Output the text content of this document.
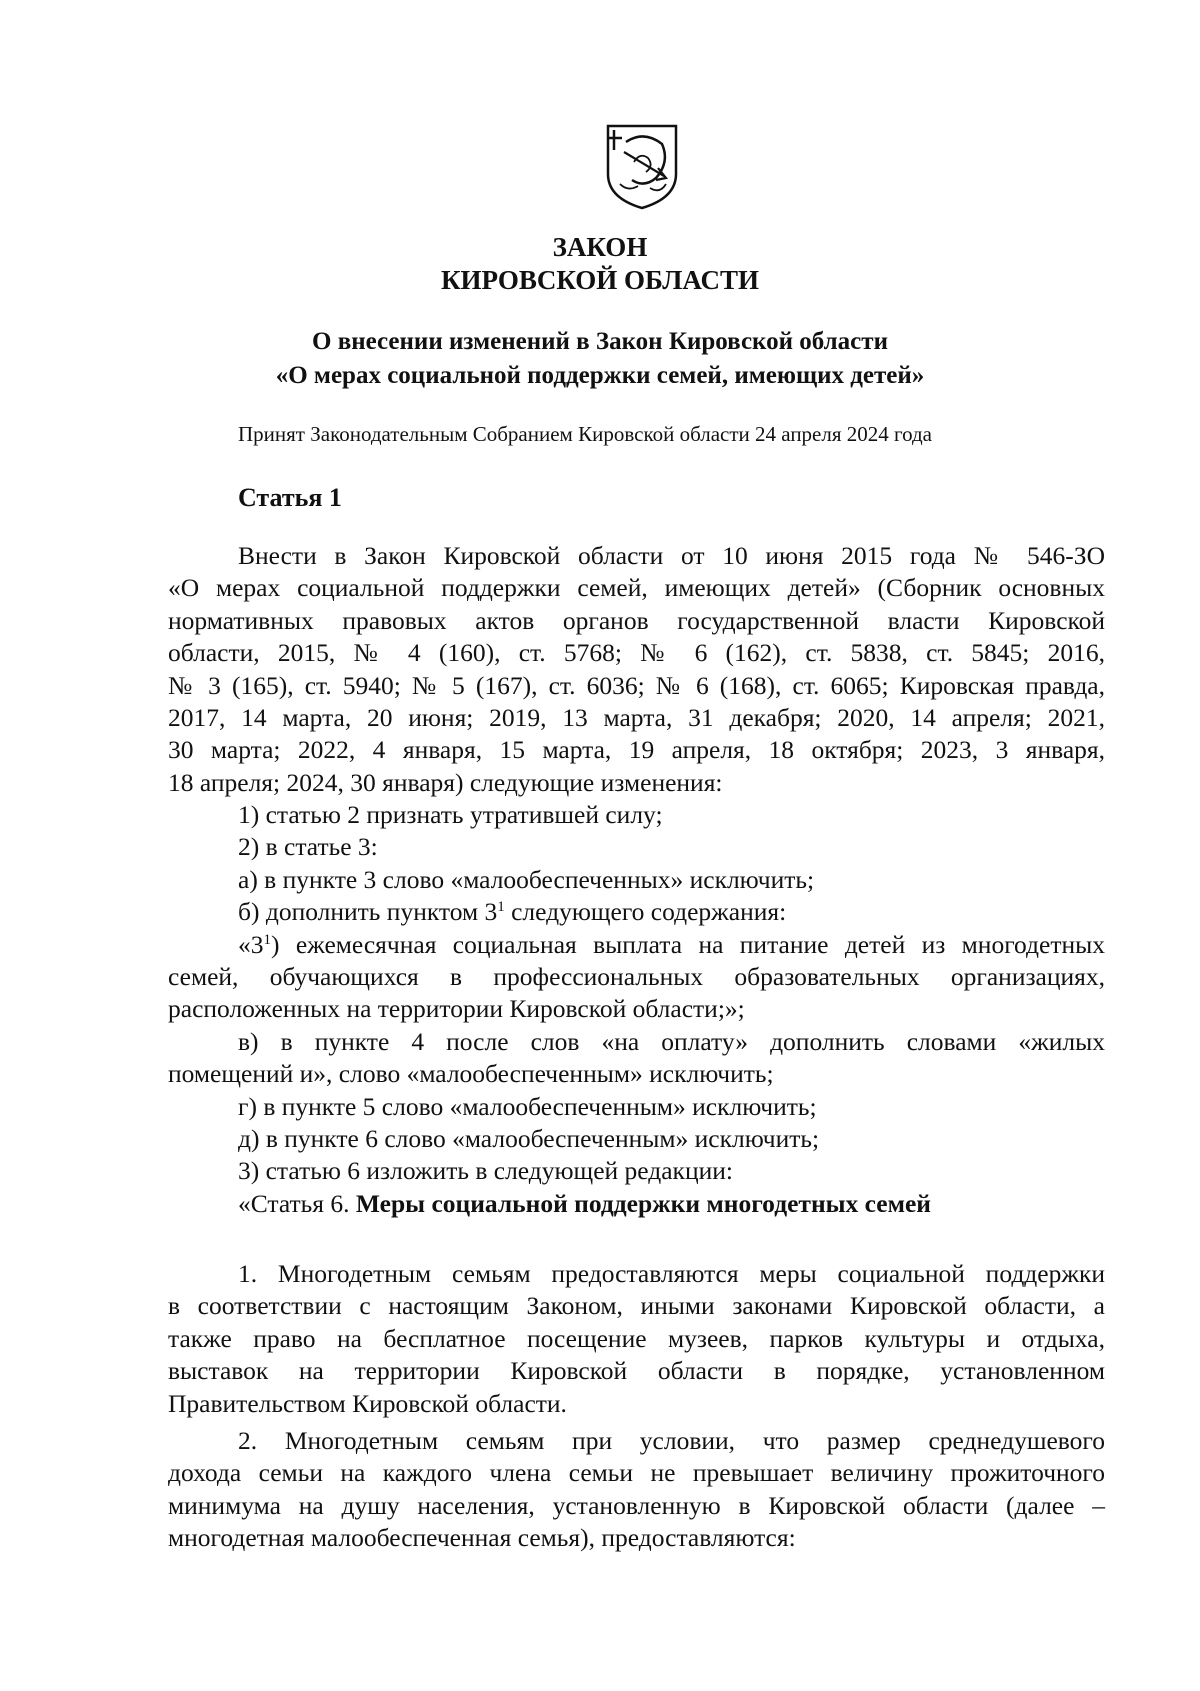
ЗАКОН
КИРОВСКОЙ ОБЛАСТИ
О внесении изменений в Закон Кировской области
«О мерах социальной поддержки семей, имеющих детей»
Принят Законодательным Собранием Кировской области 24 апреля 2024 года
Статья 1
Внести в Закон Кировской области от 10 июня 2015 года № 546-ЗО
«О мерах социальной поддержки семей, имеющих детей» (Сборник основных
нормативных правовых актов органов государственной власти Кировской
области, 2015, № 4 (160), ст. 5768; № 6 (162), ст. 5838, ст. 5845; 2016,
№ 3 (165), ст. 5940; № 5 (167), ст. 6036; № 6 (168), ст. 6065; Кировская правда,
2017, 14 марта, 20 июня; 2019, 13 марта, 31 декабря; 2020, 14 апреля; 2021,
30 марта; 2022, 4 января, 15 марта, 19 апреля, 18 октября; 2023, 3 января,
18 апреля; 2024, 30 января) следующие изменения:
1) статью 2 признать утратившей силу;
2) в статье 3:
а) в пункте 3 слово «малообеспеченных» исключить;
б) дополнить пунктом $3^1$ следующего содержания:
«$3^1$) ежемесячная социальная выплата на питание детей из многодетных
семей, обучающихся в профессиональных образовательных организациях,
расположенных на территории Кировской области;»;
в) в пункте 4 после слов «на оплату» дополнить словами «жилых
помещений и», слово «малообеспеченным» исключить;
г) в пункте 5 слово «малообеспеченным» исключить;
д) в пункте 6 слово «малообеспеченным» исключить;
3) статью 6 изложить в следующей редакции:
«Статья 6. Меры социальной поддержки многодетных семей
1. Многодетным семьям предоставляются меры социальной поддержки
в соответствии с настоящим Законом, иными законами Кировской области, а
также право на бесплатное посещение музеев, парков культуры и отдыха,
выставок на территории Кировской области в порядке, установленном
Правительством Кировской области.
2. Многодетным семьям при условии, что размер среднедушевого
дохода семьи на каждого члена семьи не превышает величину прожиточного
минимума на душу населения, установленную в Кировской области (далее –
многодетная малообеспеченная семья), предоставляются:
